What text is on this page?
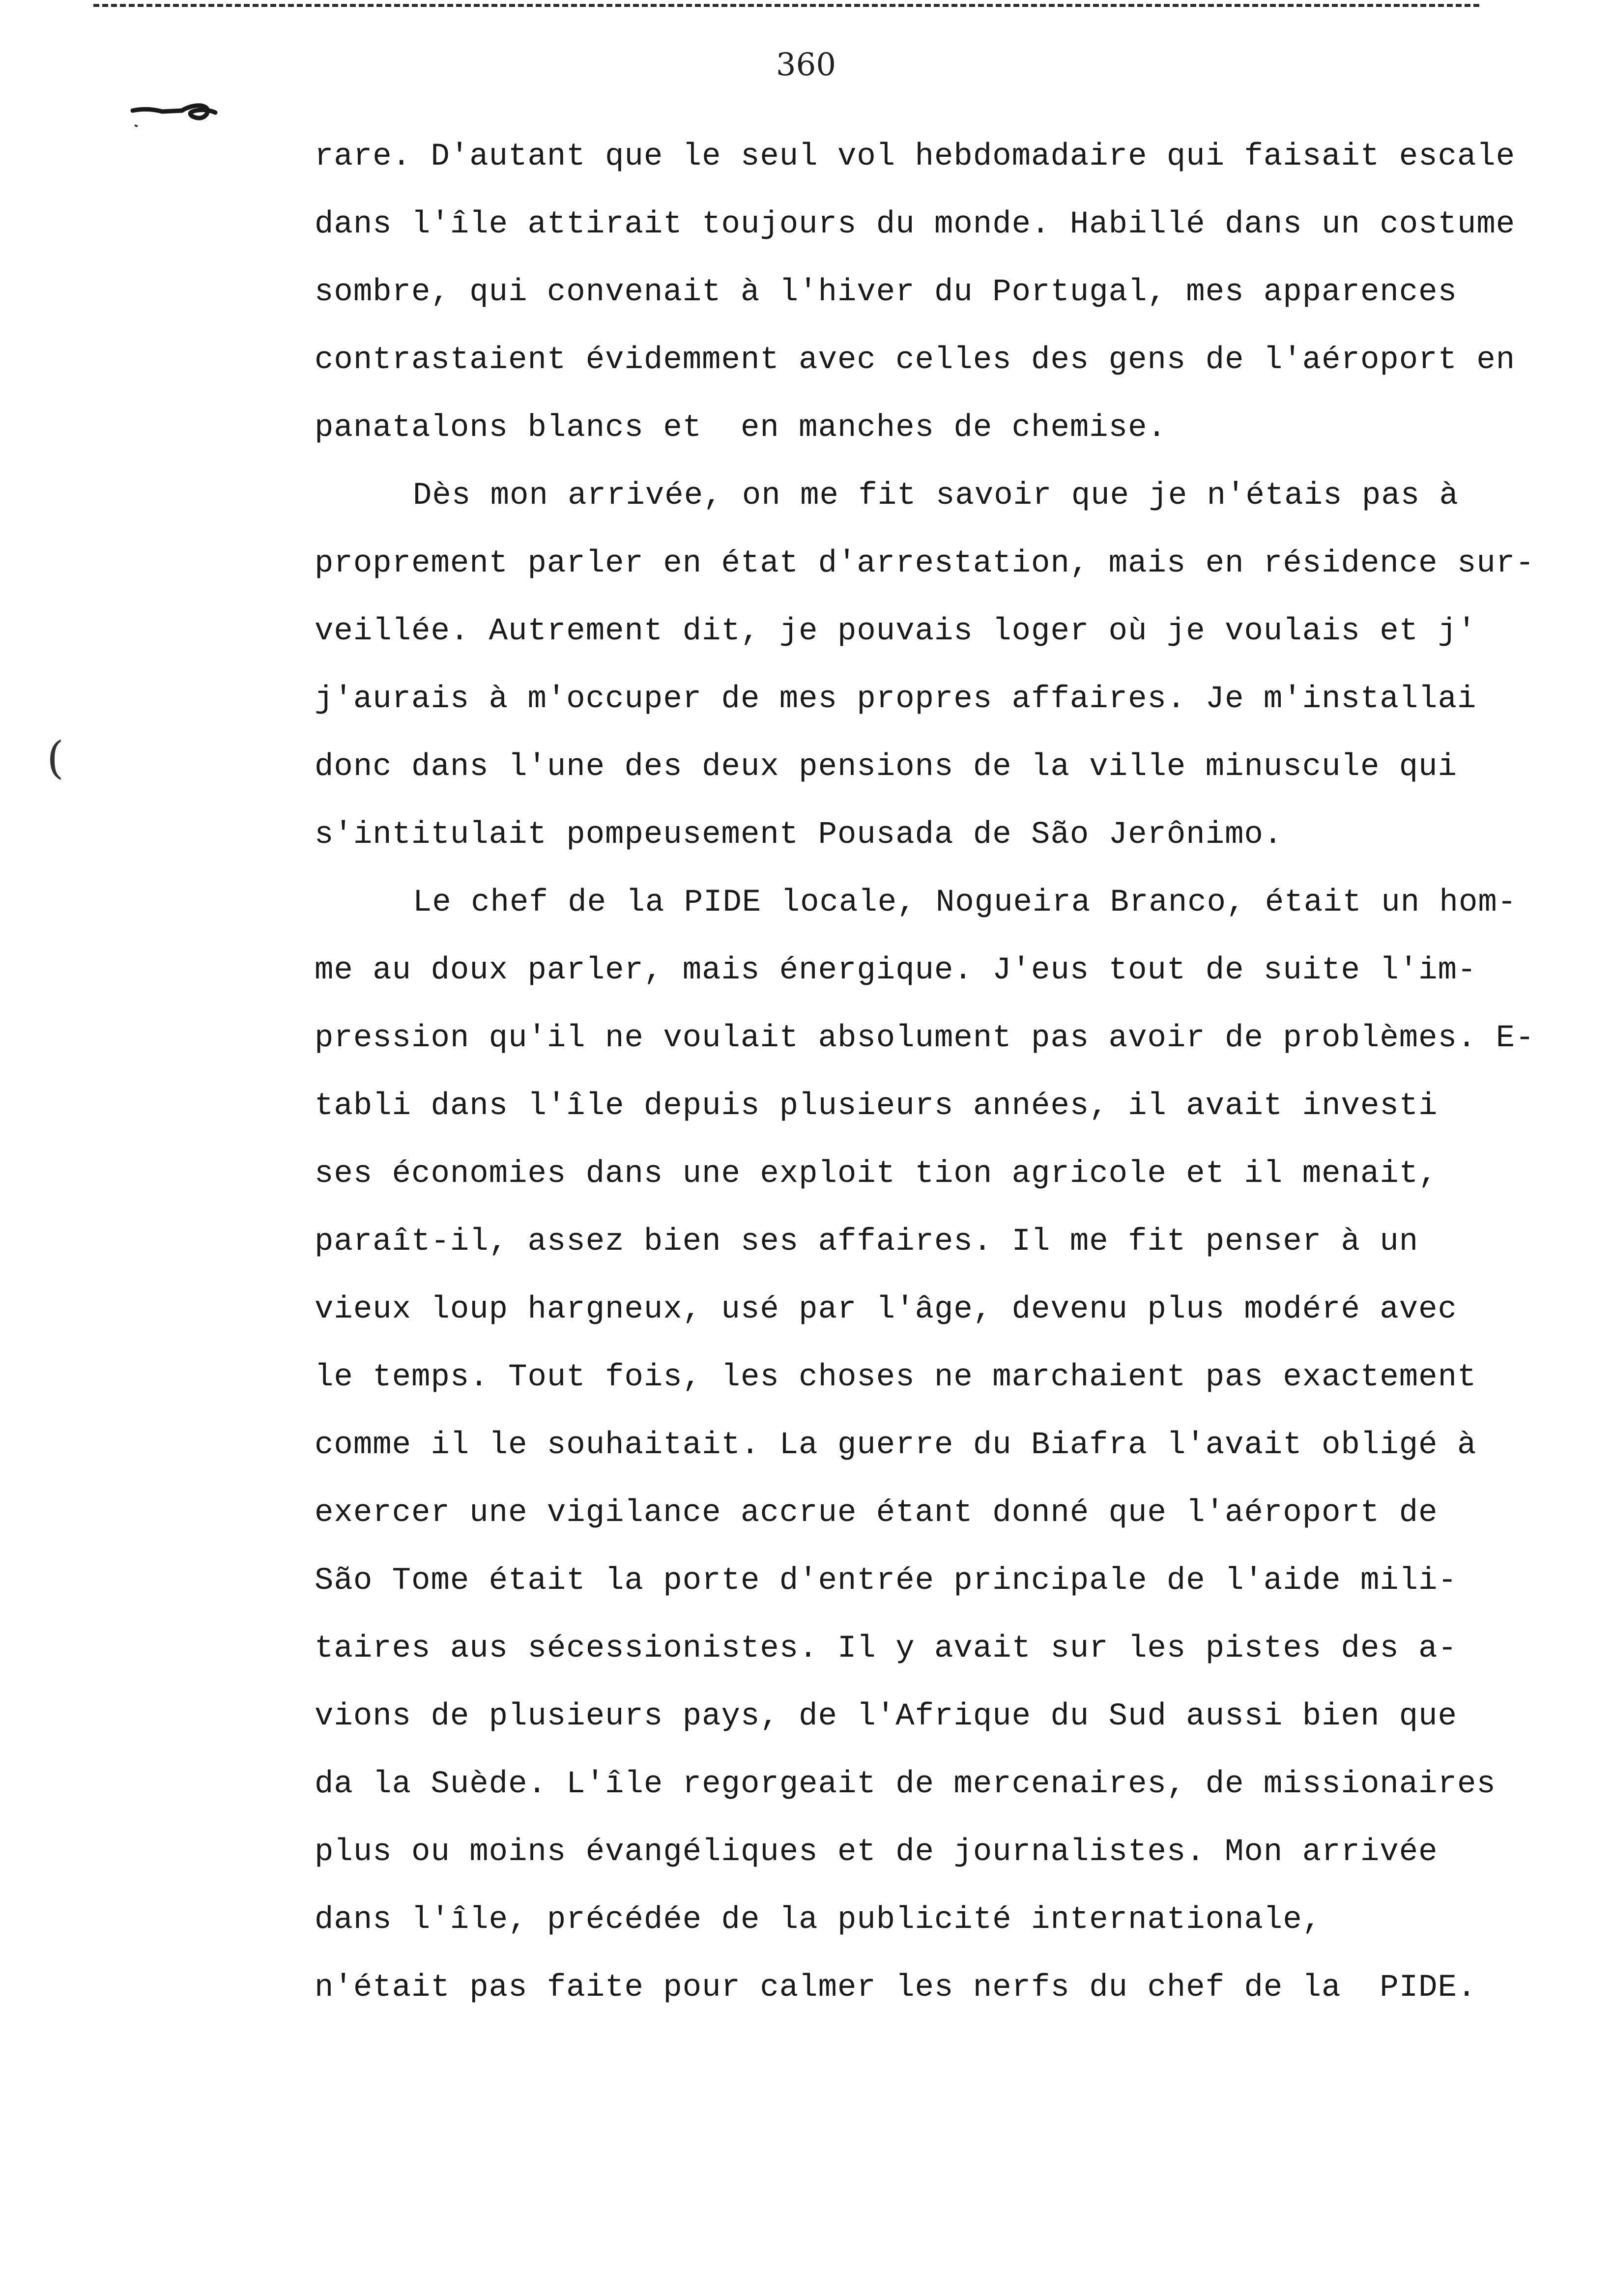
360
(
rare. D'autant que le seul vol hebdomadaire qui faisait escale
dans l'île attirait toujours du monde. Habillé dans un costume
sombre, qui convenait à l'hiver du Portugal, mes apparences
contrastaient évidemment avec celles des gens de l'aéroport en
panatalons blancs et  en manches de chemise.
Dès mon arrivée, on me fit savoir que je n'étais pas à
proprement parler en état d'arrestation, mais en résidence sur-
veillée. Autrement dit, je pouvais loger où je voulais et j'
j'aurais à m'occuper de mes propres affaires. Je m'installai
donc dans l'une des deux pensions de la ville minuscule qui
s'intitulait pompeusement Pousada de São Jerônimo.
Le chef de la PIDE locale, Nogueira Branco, était un hom-
me au doux parler, mais énergique. J'eus tout de suite l'im-
pression qu'il ne voulait absolument pas avoir de problèmes. E-
tabli dans l'île depuis plusieurs années, il avait investi
ses économies dans une exploit tion agricole et il menait,
paraît-il, assez bien ses affaires. Il me fit penser à un
vieux loup hargneux, usé par l'âge, devenu plus modéré avec
le temps. Tout fois, les choses ne marchaient pas exactement
comme il le souhaitait. La guerre du Biafra l'avait obligé à
exercer une vigilance accrue étant donné que l'aéroport de
São Tome était la porte d'entrée principale de l'aide mili-
taires aus sécessionistes. Il y avait sur les pistes des a-
vions de plusieurs pays, de l'Afrique du Sud aussi bien que
da la Suède. L'île regorgeait de mercenaires, de missionaires
plus ou moins évangéliques et de journalistes. Mon arrivée
dans l'île, précédée de la publicité internationale,
n'était pas faite pour calmer les nerfs du chef de la  PIDE.
